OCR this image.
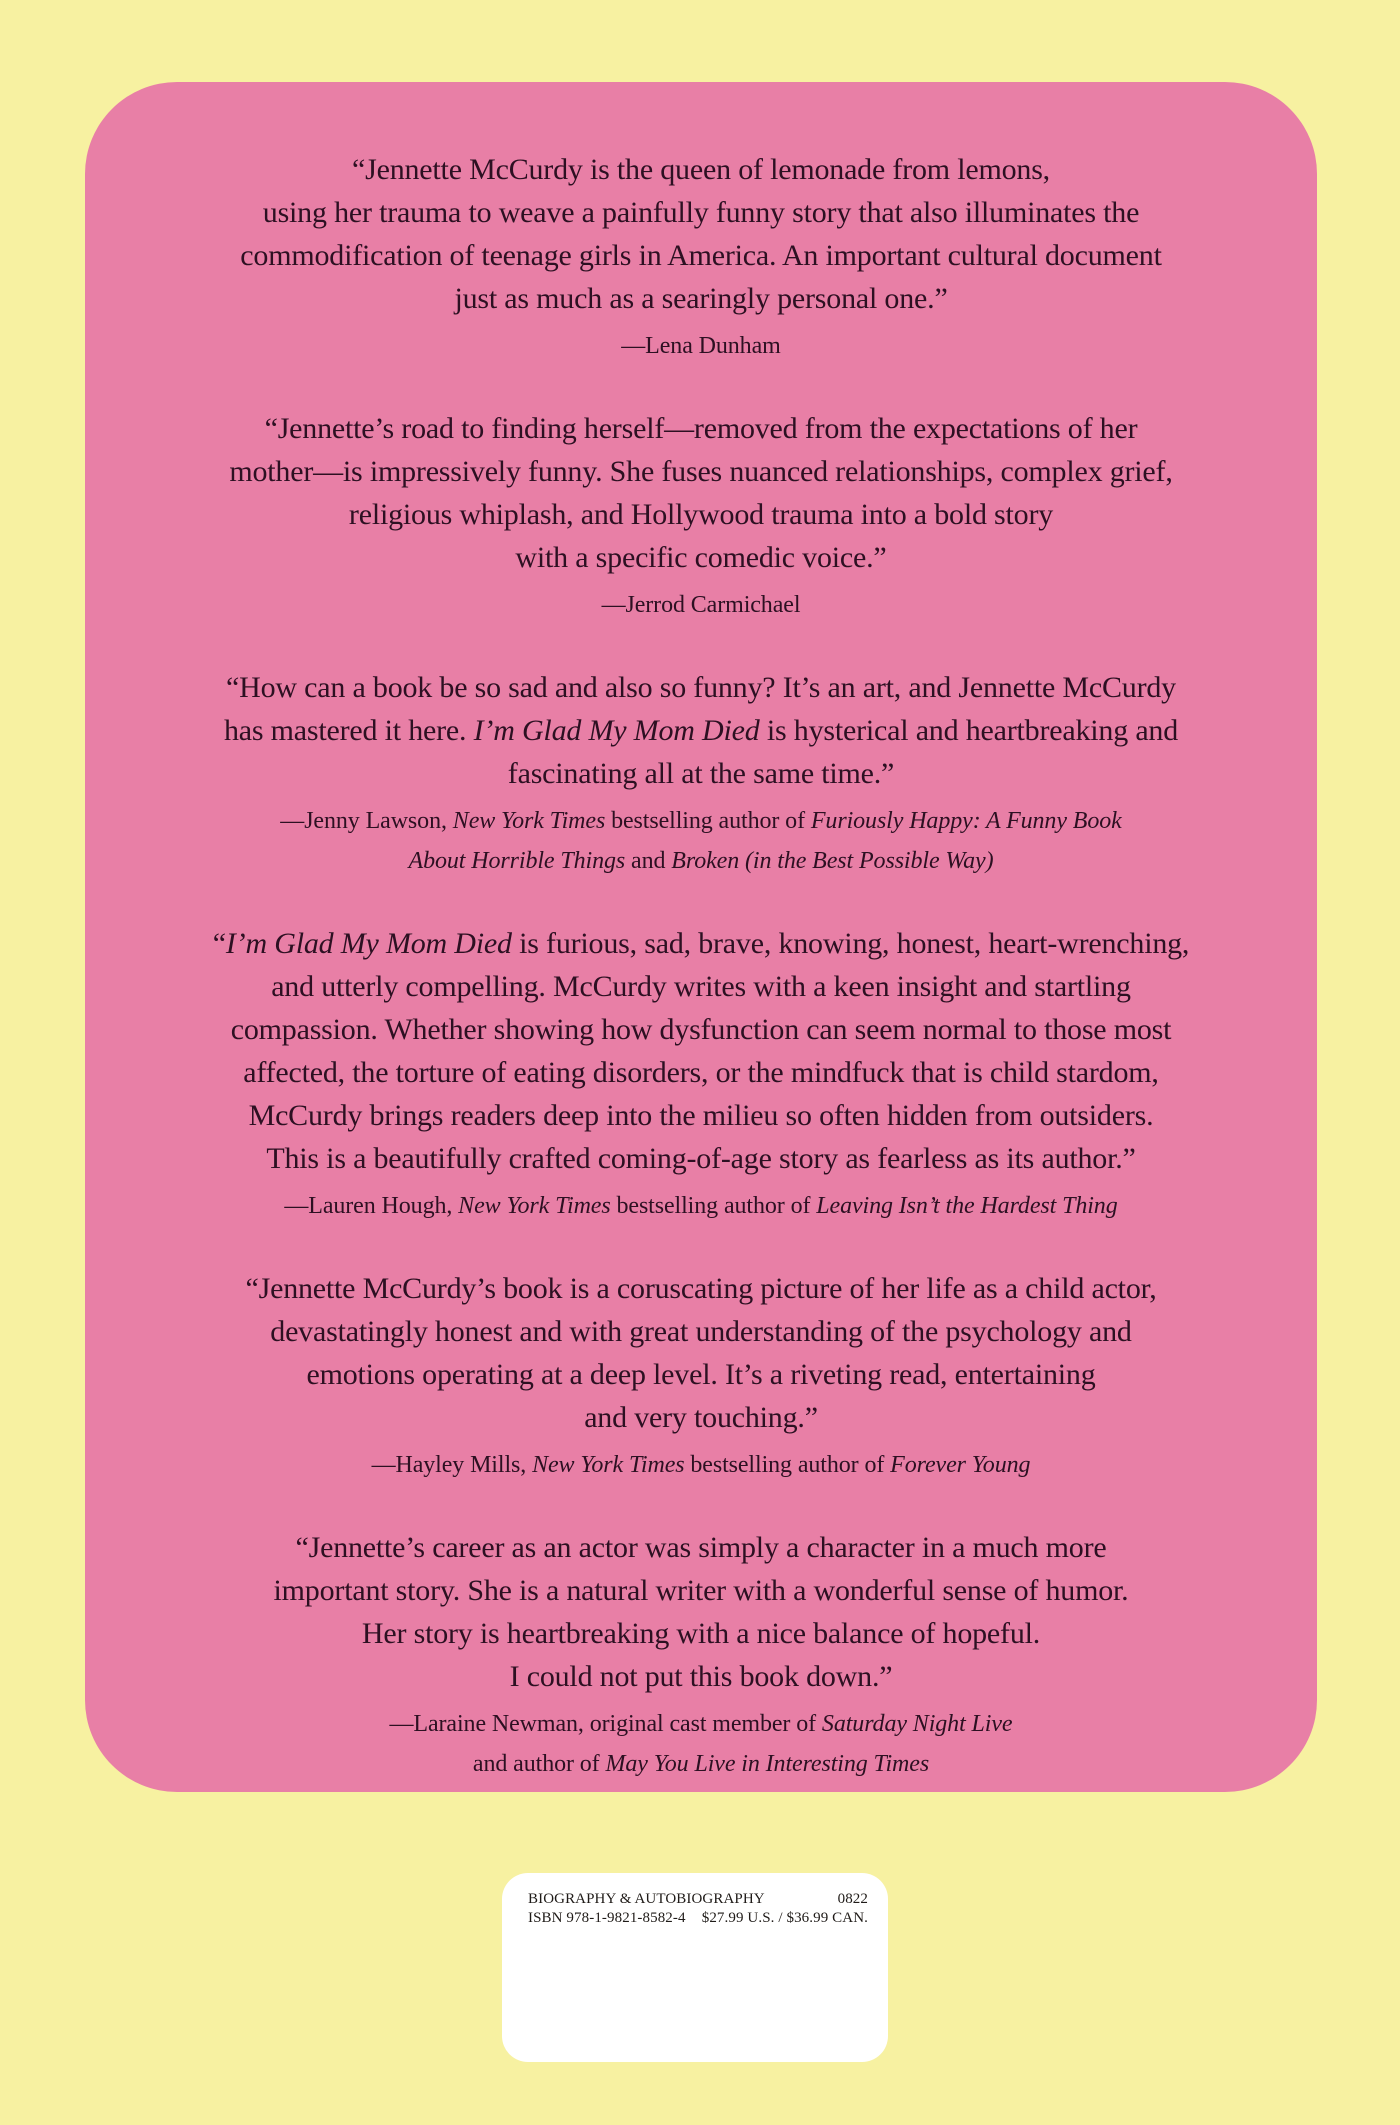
“Jennette McCurdy is the queen of lemonade from lemons,
using her trauma to weave a painfully funny story that also illuminates the
commodification of teenage girls in America. An important cultural document
just as much as a searingly personal one.”
—Lena Dunham
“Jennette’s road to finding herself—removed from the expectations of her
mother—is impressively funny. She fuses nuanced relationships, complex grief,
religious whiplash, and Hollywood trauma into a bold story
with a specific comedic voice.”
—Jerrod Carmichael
“How can a book be so sad and also so funny? It’s an art, and Jennette McCurdy
has mastered it here. I’m Glad My Mom Died is hysterical and heartbreaking and
fascinating all at the same time.”
—Jenny Lawson, New York Times bestselling author of Furiously Happy: A Funny Book
About Horrible Things and Broken (in the Best Possible Way)
“I’m Glad My Mom Died is furious, sad, brave, knowing, honest, heart-wrenching,
and utterly compelling. McCurdy writes with a keen insight and startling
compassion. Whether showing how dysfunction can seem normal to those most
affected, the torture of eating disorders, or the mindfuck that is child stardom,
McCurdy brings readers deep into the milieu so often hidden from outsiders.
This is a beautifully crafted coming-of-age story as fearless as its author.”
—Lauren Hough, New York Times bestselling author of Leaving Isn’t the Hardest Thing
“Jennette McCurdy’s book is a coruscating picture of her life as a child actor,
devastatingly honest and with great understanding of the psychology and
emotions operating at a deep level. It’s a riveting read, entertaining
and very touching.”
—Hayley Mills, New York Times bestselling author of Forever Young
“Jennette’s career as an actor was simply a character in a much more
important story. She is a natural writer with a wonderful sense of humor.
Her story is heartbreaking with a nice balance of hopeful.
I could not put this book down.”
—Laraine Newman, original cast member of Saturday Night Live
and author of May You Live in Interesting Times
BIOGRAPHY & AUTOBIOGRAPHY	0822
ISBN 978-1-9821-8582-4 $27.99 U.S. / $36.99 CAN.
